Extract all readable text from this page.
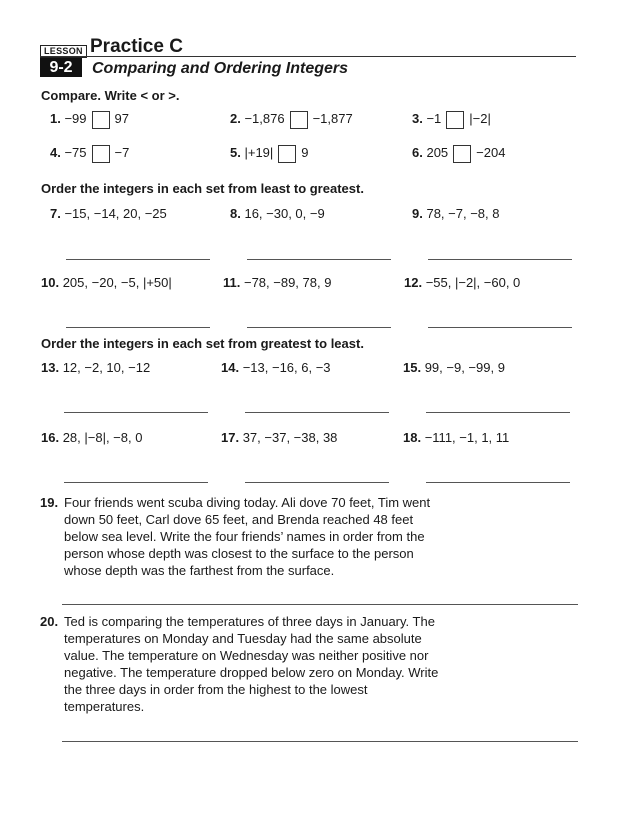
LESSON
9-2
Practice C
Comparing and Ordering Integers
Compare. Write < or >.
1. −99 97	2. −1,876 −1,877	3. −1 |−2|
4. −75 −7	5. |+19| 9	6. 205 −204
Order the integers in each set from least to greatest.
7. −15, −14, 20, −25	8. 16, −30, 0, −9	9. 78, −7, −8, 8
10. 205, −20, −5, |+50|	11. −78, −89, 78, 9	12. −55, |−2|, −60, 0
Order the integers in each set from greatest to least.
13. 12, −2, 10, −12	14. −13, −16, 6, −3	15. 99, −9, −99, 9
16. 28, |−8|, −8, 0	17. 37, −37, −38, 38	18. −111, −1, 1, 11
19. Four friends went scuba diving today. Ali dove 70 feet, Tim went
down 50 feet, Carl dove 65 feet, and Brenda reached 48 feet
below sea level. Write the four friends’ names in order from the
person whose depth was closest to the surface to the person
whose depth was the farthest from the surface.
20. Ted is comparing the temperatures of three days in January. The
temperatures on Monday and Tuesday had the same absolute
value. The temperature on Wednesday was neither positive nor
negative. The temperature dropped below zero on Monday. Write
the three days in order from the highest to the lowest
temperatures.
